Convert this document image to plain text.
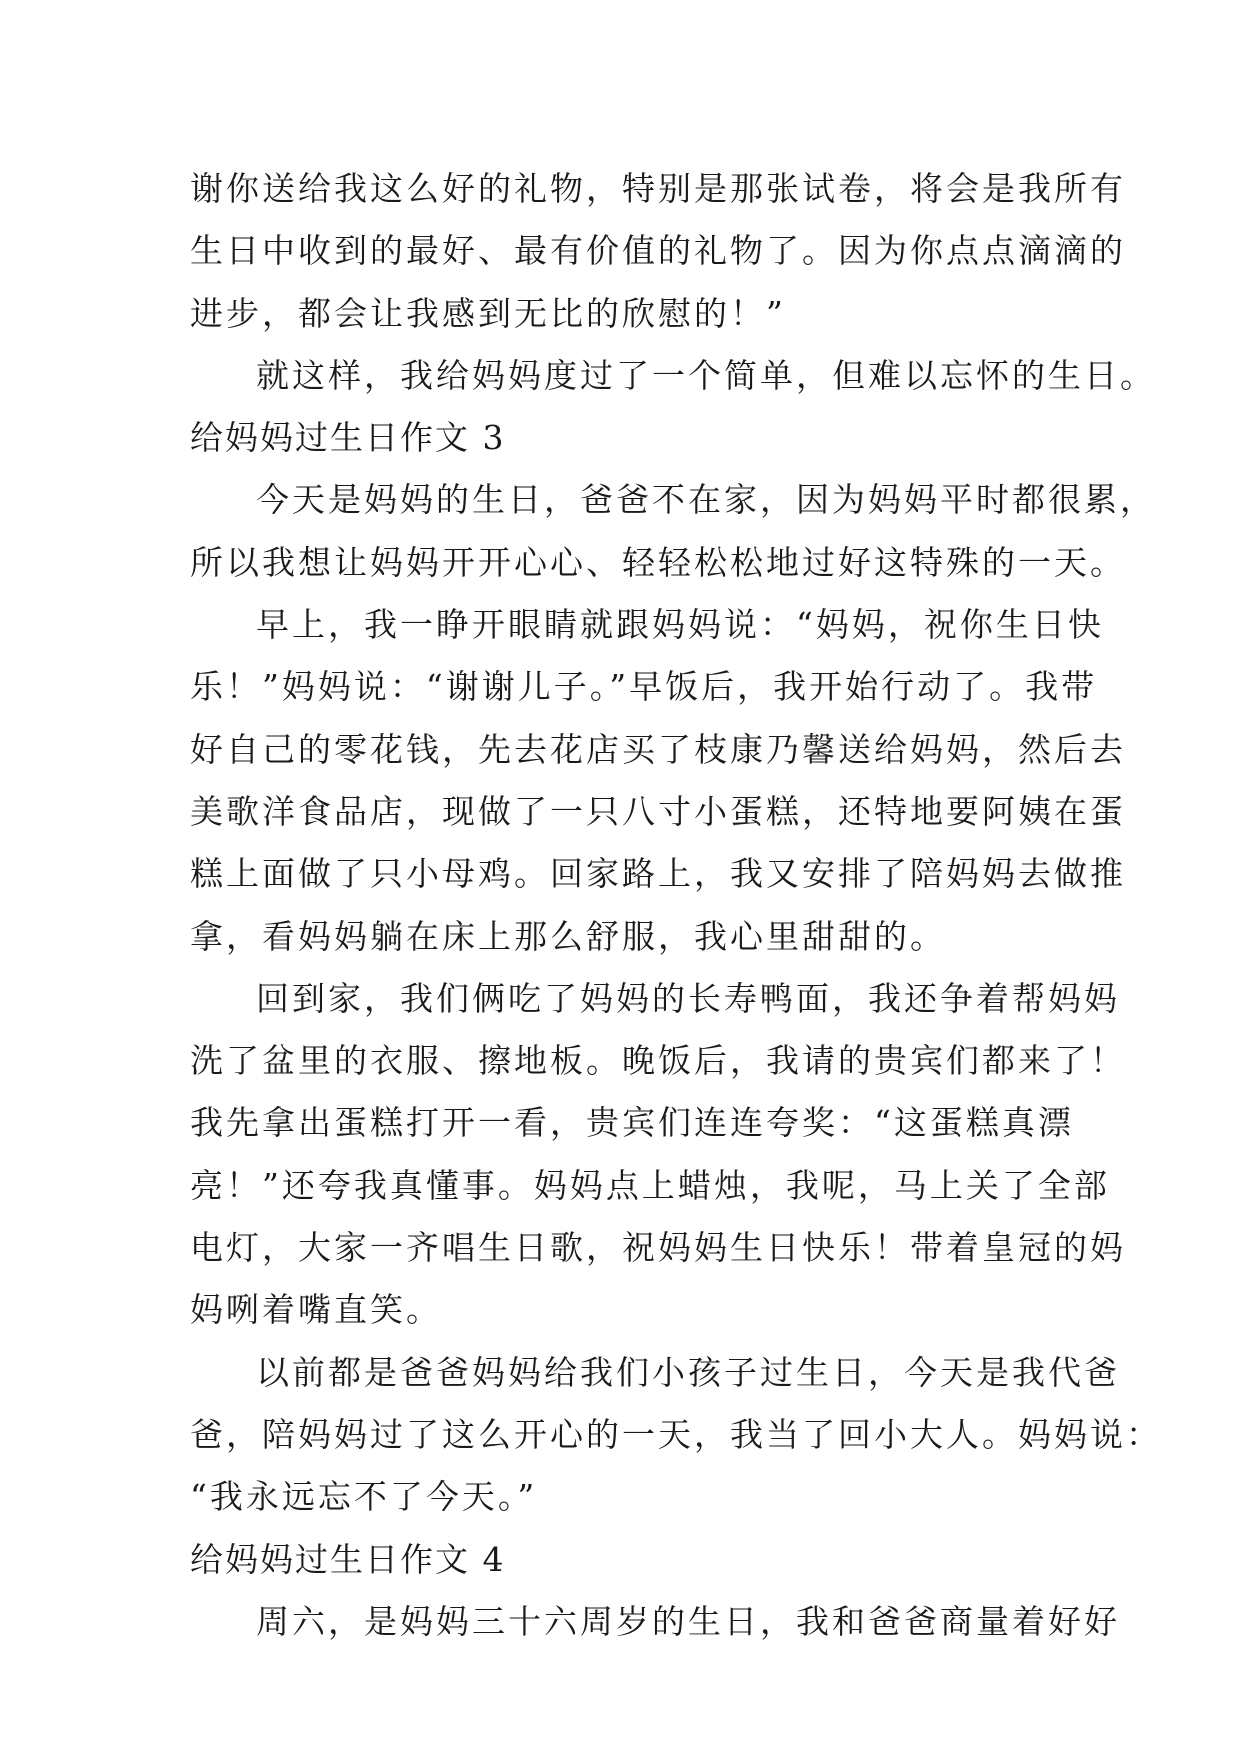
谢你送给我这么好的礼物，特别是那张试卷，将会是我所有
生日中收到的最好、最有价值的礼物了。因为你点点滴滴的
进步，都会让我感到无比的欣慰的！”
就这样，我给妈妈度过了一个简单，但难以忘怀的生日。
给妈妈过生日作文 3
今天是妈妈的生日，爸爸不在家，因为妈妈平时都很累，
所以我想让妈妈开开心心、轻轻松松地过好这特殊的一天。
早上，我一睁开眼睛就跟妈妈说：“妈妈，祝你生日快
乐！”妈妈说：“谢谢儿子。”早饭后，我开始行动了。我带
好自己的零花钱，先去花店买了枝康乃馨送给妈妈，然后去
美歌洋食品店，现做了一只八寸小蛋糕，还特地要阿姨在蛋
糕上面做了只小母鸡。回家路上，我又安排了陪妈妈去做推
拿，看妈妈躺在床上那么舒服，我心里甜甜的。
回到家，我们俩吃了妈妈的长寿鸭面，我还争着帮妈妈
洗了盆里的衣服、擦地板。晚饭后，我请的贵宾们都来了！
我先拿出蛋糕打开一看，贵宾们连连夸奖：“这蛋糕真漂
亮！”还夸我真懂事。妈妈点上蜡烛，我呢，马上关了全部
电灯，大家一齐唱生日歌，祝妈妈生日快乐！带着皇冠的妈
妈咧着嘴直笑。
以前都是爸爸妈妈给我们小孩子过生日，今天是我代爸
爸，陪妈妈过了这么开心的一天，我当了回小大人。妈妈说：
“我永远忘不了今天。”
给妈妈过生日作文 4
周六，是妈妈三十六周岁的生日，我和爸爸商量着好好
